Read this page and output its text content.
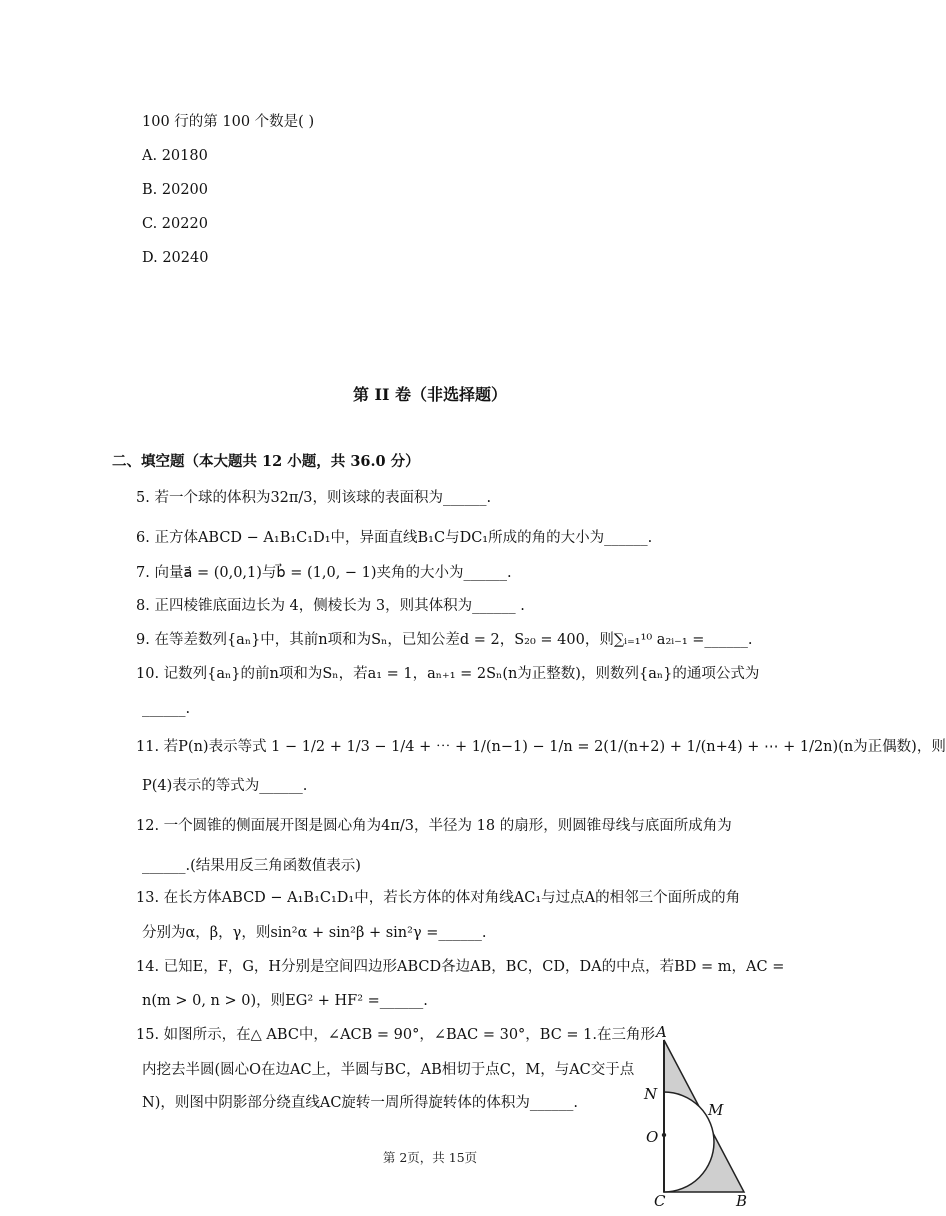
100 行的第 100 个数是( )
A. 20180
B. 20200
C. 20220
D. 20240
第 II 卷（非选择题）
二、填空题（本大题共 12 小题，共 36.0 分）
5. 若一个球的体积为32π/3，则该球的表面积为______.
6. 正方体ABCD − A₁B₁C₁D₁中，异面直线B₁C与DC₁所成的角的大小为______.
7. 向量a⃗ = (0,0,1)与b⃗ = (1,0, − 1)夹角的大小为______.
8. 正四棱锥底面边长为 4，侧棱长为 3，则其体积为______ .
9. 在等差数列{aₙ}中，其前n项和为Sₙ，已知公差d = 2，S₂₀ = 400，则∑ᵢ₌₁¹⁰ a₂ᵢ₋₁ =______.
10. 记数列{aₙ}的前n项和为Sₙ，若a₁ = 1，aₙ₊₁ = 2Sₙ(n为正整数)，则数列{aₙ}的通项公式为
______.
11. 若P(n)表示等式 1 − 1/2 + 1/3 − 1/4 + ⋯ + 1/(n−1) − 1/n = 2(1/(n+2) + 1/(n+4) + ⋯ + 1/2n)(n为正偶数)，则
P(4)表示的等式为______.
12. 一个圆锥的侧面展开图是圆心角为4π/3，半径为 18 的扇形，则圆锥母线与底面所成角为
______.(结果用反三角函数值表示)
13. 在长方体ABCD − A₁B₁C₁D₁中，若长方体的体对角线AC₁与过点A的相邻三个面所成的角
分别为α，β，γ，则sin²α + sin²β + sin²γ =______.
14. 已知E，F，G，H分别是空间四边形ABCD各边AB，BC，CD，DA的中点，若BD = m，AC =
n(m > 0, n > 0)，则EG² + HF² =______.
15. 如图所示，在△ ABC中，∠ACB = 90°，∠BAC = 30°，BC = 1.在三角形
内挖去半圆(圆心O在边AC上，半圆与BC，AB相切于点C，M，与AC交于点
N)，则图中阴影部分绕直线AC旋转一周所得旋转体的体积为______.
A
N
M
O
C	B
第 2页，共 15页
